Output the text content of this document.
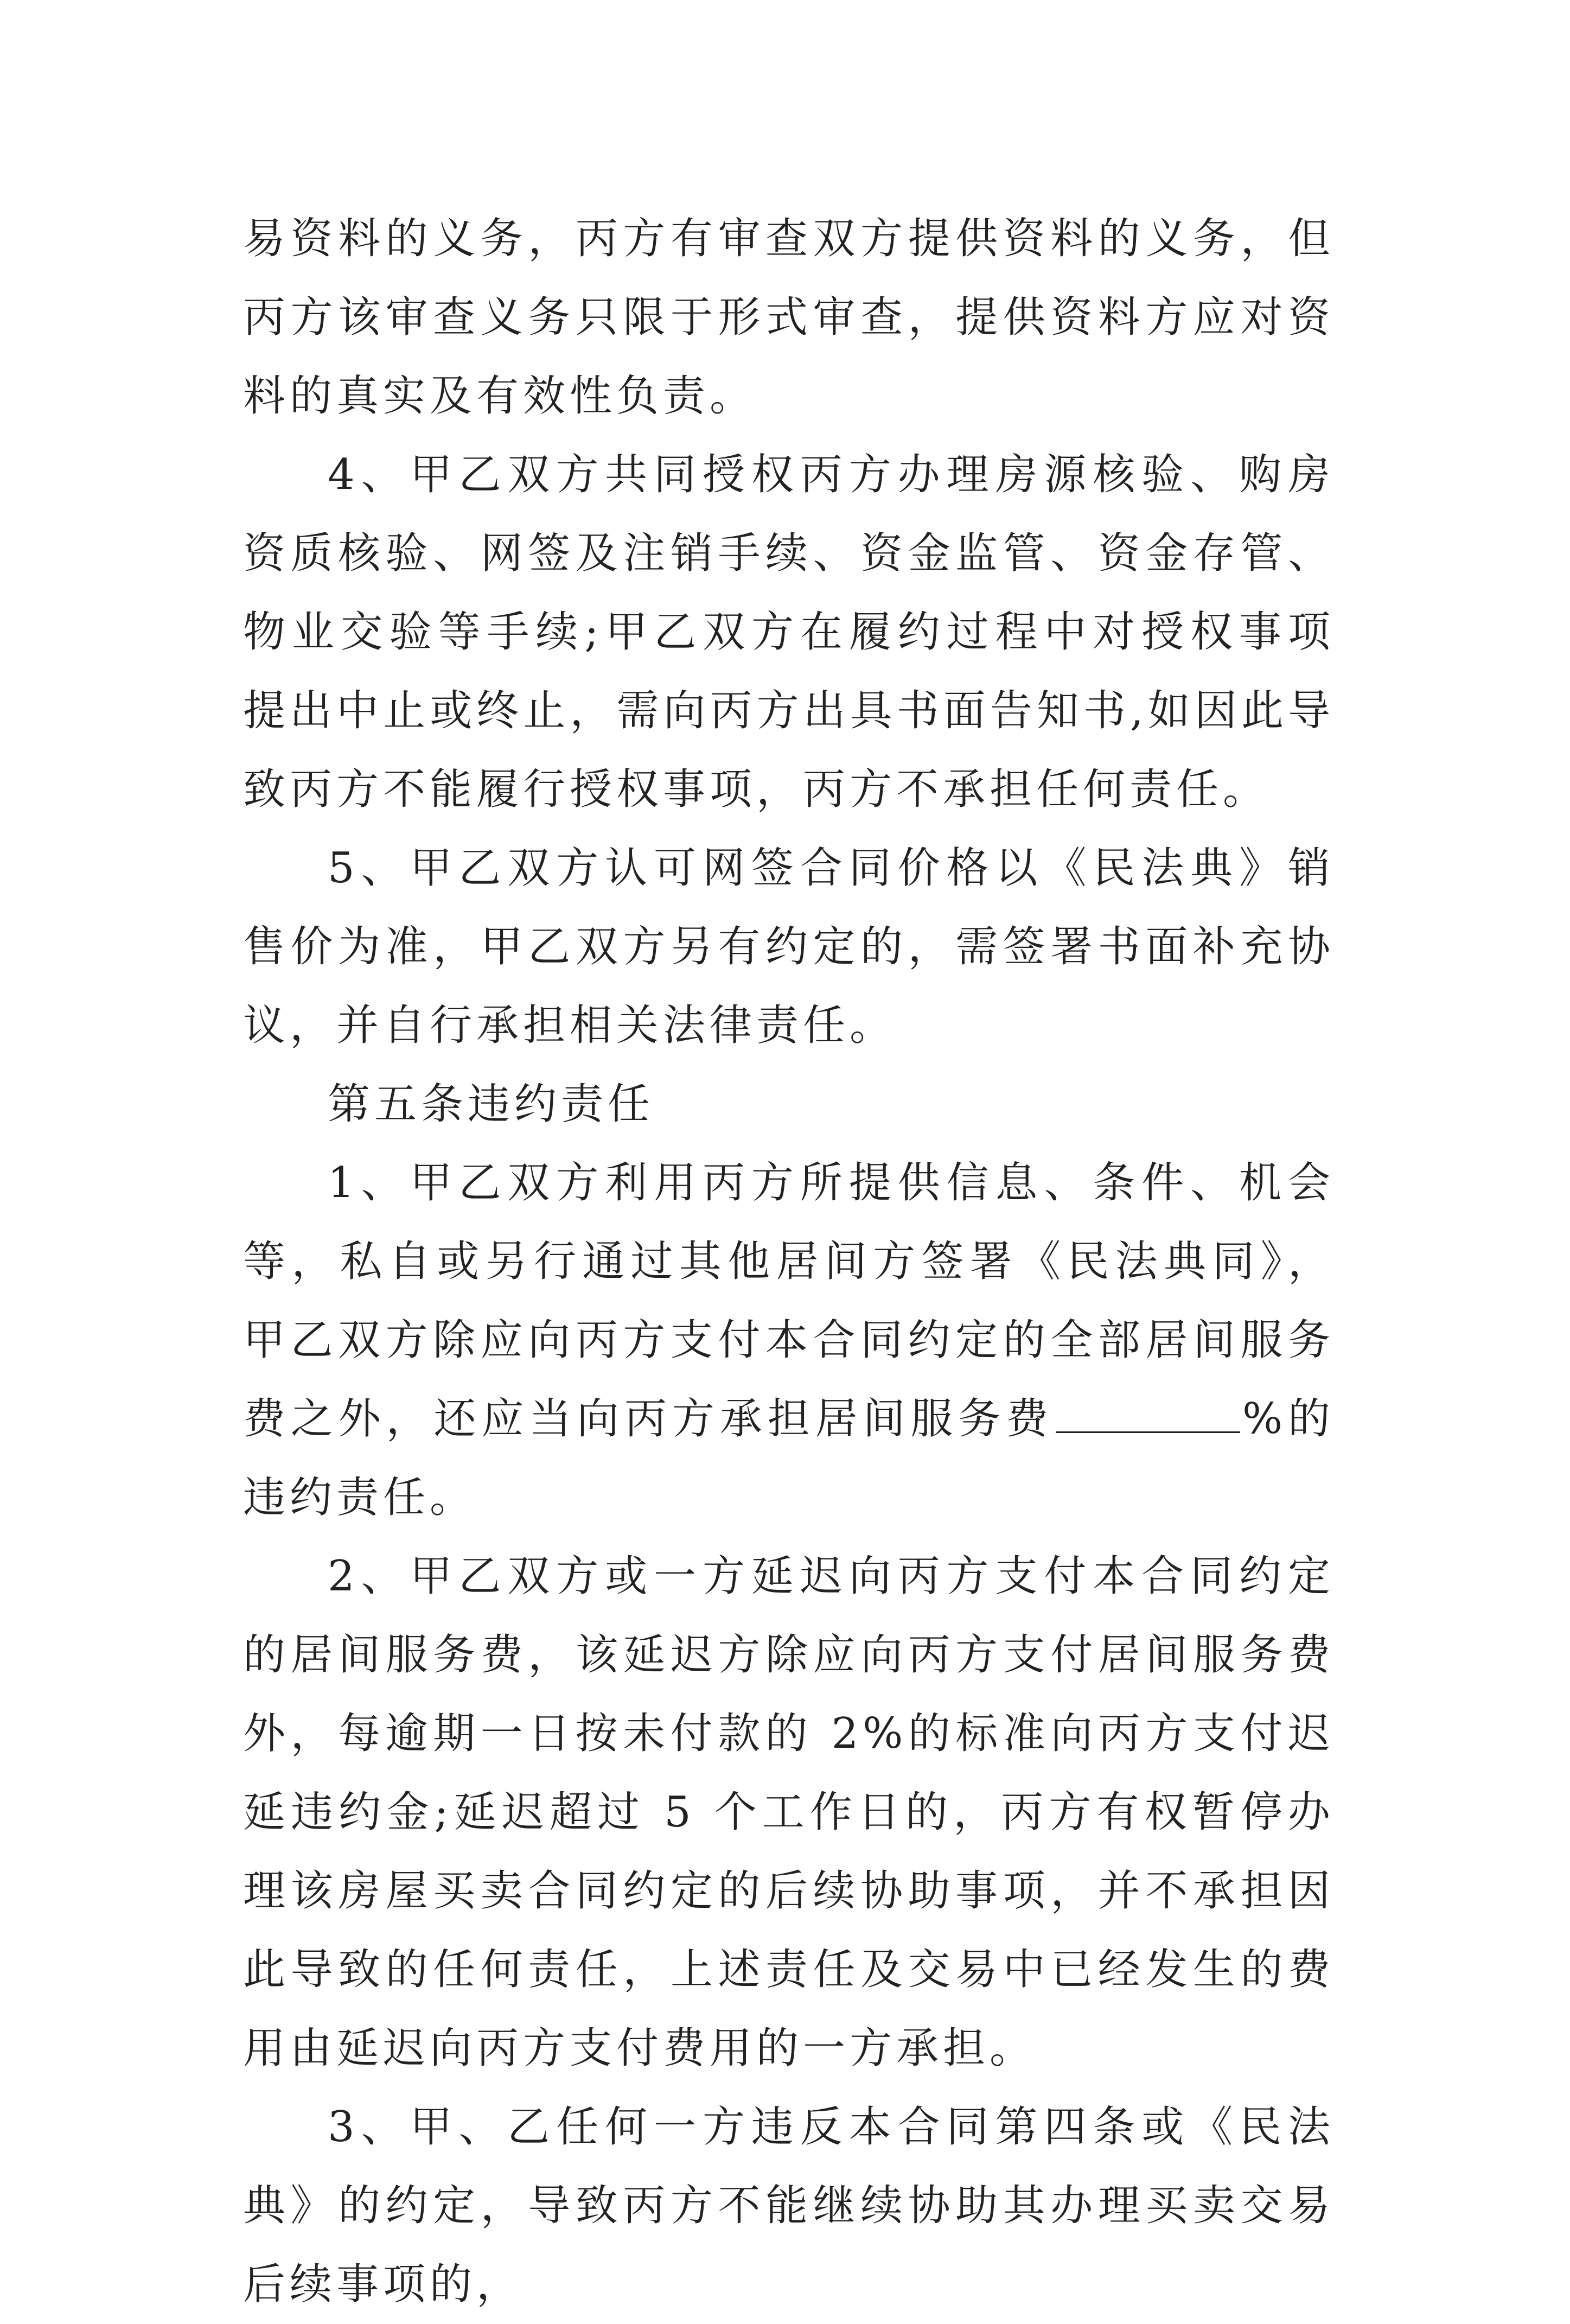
易资料的义务，丙方有审查双方提供资料的义务，但丙方该审查义务只限于形式审查，提供资料方应对资料的真实及有效性负责。

4、甲乙双方共同授权丙方办理房源核验、购房资质核验、网签及注销手续、资金监管、资金存管、物业交验等手续;甲乙双方在履约过程中对授权事项提出中止或终止，需向丙方出具书面告知书,如因此导致丙方不能履行授权事项，丙方不承担任何责任。

5、甲乙双方认可网签合同价格以《民法典》销售价为准，甲乙双方另有约定的，需签署书面补充协议，并自行承担相关法律责任。

第五条违约责任

1、甲乙双方利用丙方所提供信息、条件、机会等，私自或另行通过其他居间方签署《民法典同》，甲乙双方除应向丙方支付本合同约定的全部居间服务费之外，还应当向丙方承担居间服务费	%的违约责任。

2、甲乙双方或一方延迟向丙方支付本合同约定的居间服务费，该延迟方除应向丙方支付居间服务费外，每逾期一日按未付款的 2%的标准向丙方支付迟延违约金;延迟超过 5 个工作日的，丙方有权暂停办理该房屋买卖合同约定的后续协助事项，并不承担因此导致的任何责任，上述责任及交易中已经发生的费用由延迟向丙方支付费用的一方承担。

3、甲、乙任何一方违反本合同第四条或《民法典》的约定，导致丙方不能继续协助其办理买卖交易后续事项的，
